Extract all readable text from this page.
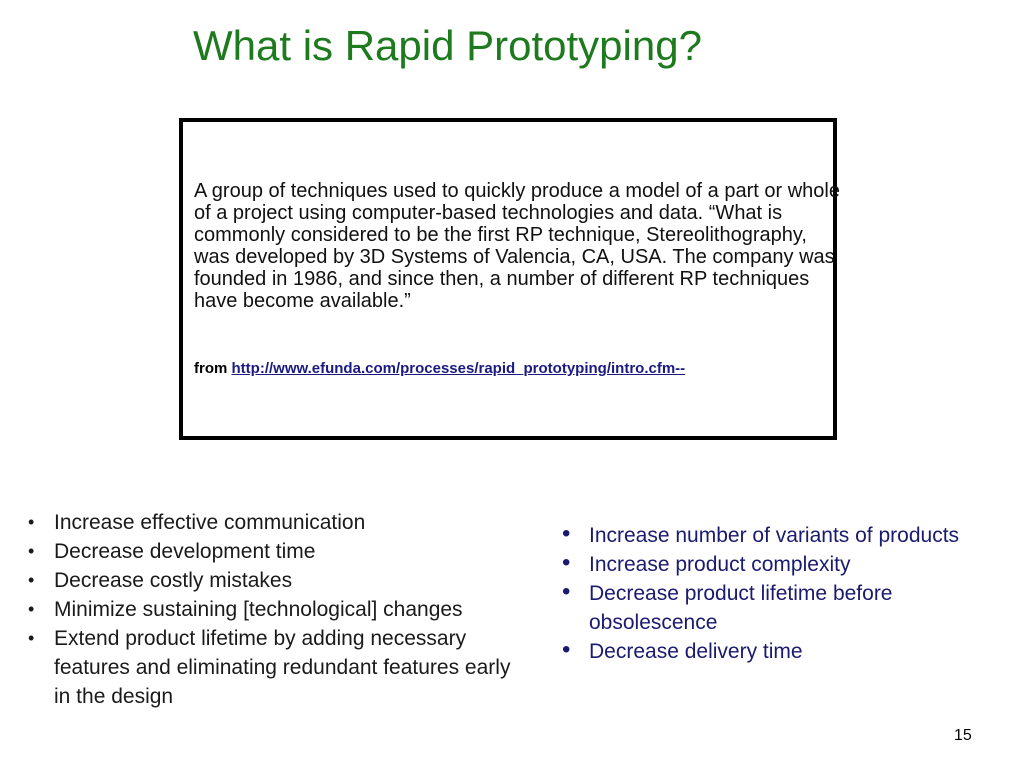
What is Rapid Prototyping?

A group of techniques used to quickly produce a model of a part or whole of a project using computer-based technologies and data. “What is commonly considered to be the first RP technique, Stereolithography, was developed by 3D Systems of Valencia, CA, USA. The company was founded in 1986, and since then, a number of different RP techniques have become available.”

from http://www.efunda.com/processes/rapid_prototyping/intro.cfm--
• Increase effective communication
• Decrease development time
• Decrease costly mistakes
• Minimize sustaining [technological] changes
• Extend product lifetime by adding necessary features and eliminating redundant features early in the design
• Increase number of variants of products
• Increase product complexity
• Decrease product lifetime before obsolescence
• Decrease delivery time
15
